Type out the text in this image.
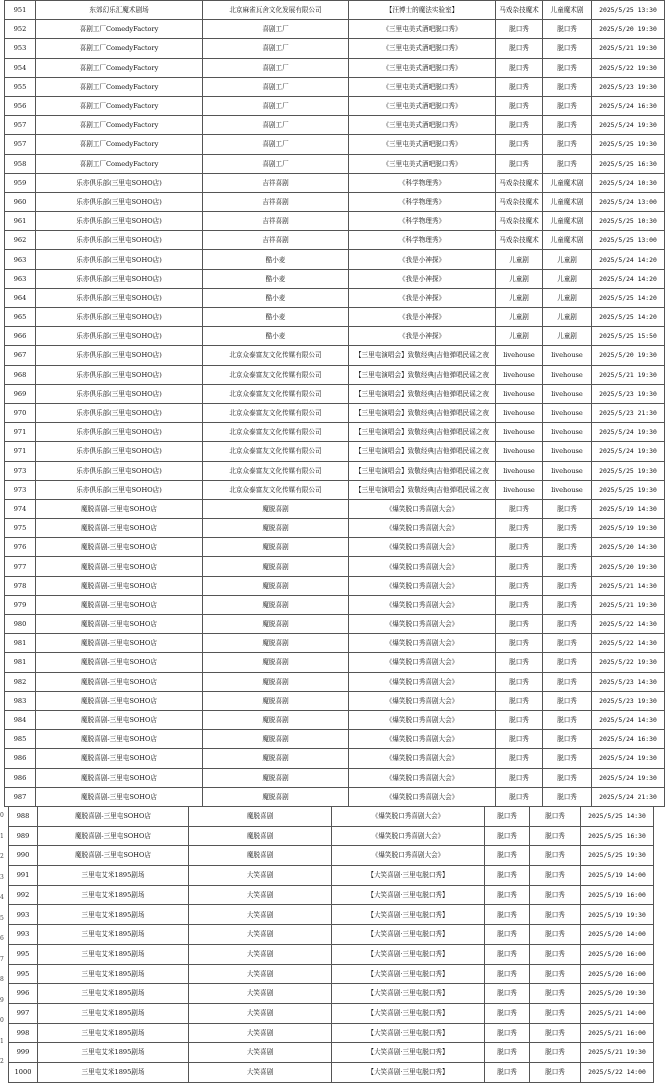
951	东郊幻乐汇魔术剧场	北京麻雀瓦舍文化发展有限公司	【汪博士的魔法实验室】	马戏杂技魔术	儿童魔术剧	2025/5/25 13:30
952	喜剧工厂ComedyFactory	喜剧工厂	《三里屯美式酒吧脱口秀》	脱口秀	脱口秀	2025/5/20 19:30
953	喜剧工厂ComedyFactory	喜剧工厂	《三里屯美式酒吧脱口秀》	脱口秀	脱口秀	2025/5/21 19:30
954	喜剧工厂ComedyFactory	喜剧工厂	《三里屯美式酒吧脱口秀》	脱口秀	脱口秀	2025/5/22 19:30
955	喜剧工厂ComedyFactory	喜剧工厂	《三里屯美式酒吧脱口秀》	脱口秀	脱口秀	2025/5/23 19:30
956	喜剧工厂ComedyFactory	喜剧工厂	《三里屯美式酒吧脱口秀》	脱口秀	脱口秀	2025/5/24 16:30
957	喜剧工厂ComedyFactory	喜剧工厂	《三里屯美式酒吧脱口秀》	脱口秀	脱口秀	2025/5/24 19:30
957	喜剧工厂ComedyFactory	喜剧工厂	《三里屯美式酒吧脱口秀》	脱口秀	脱口秀	2025/5/25 19:30
958	喜剧工厂ComedyFactory	喜剧工厂	《三里屯美式酒吧脱口秀》	脱口秀	脱口秀	2025/5/25 16:30
959	乐亦俱乐部(三里屯SOHO店)	吉祥喜剧	《科学物理秀》	马戏杂技魔术	儿童魔术剧	2025/5/24 10:30
960	乐亦俱乐部(三里屯SOHO店)	吉祥喜剧	《科学物理秀》	马戏杂技魔术	儿童魔术剧	2025/5/24 13:00
961	乐亦俱乐部(三里屯SOHO店)	吉祥喜剧	《科学物理秀》	马戏杂技魔术	儿童魔术剧	2025/5/25 10:30
962	乐亦俱乐部(三里屯SOHO店)	吉祥喜剧	《科学物理秀》	马戏杂技魔术	儿童魔术剧	2025/5/25 13:00
963	乐亦俱乐部(三里屯SOHO店)	酷小麦	《我是小神探》	儿童剧	儿童剧	2025/5/24 14:20
963	乐亦俱乐部(三里屯SOHO店)	酷小麦	《我是小神探》	儿童剧	儿童剧	2025/5/24 14:20
964	乐亦俱乐部(三里屯SOHO店)	酷小麦	《我是小神探》	儿童剧	儿童剧	2025/5/25 14:20
965	乐亦俱乐部(三里屯SOHO店)	酷小麦	《我是小神探》	儿童剧	儿童剧	2025/5/25 14:20
966	乐亦俱乐部(三里屯SOHO店)	酷小麦	《我是小神探》	儿童剧	儿童剧	2025/5/25 15:50
967	乐亦俱乐部(三里屯SOHO店)	北京众泰富友文化传媒有限公司	【三里屯演唱会】致敬经典|吉他弹唱民谣之夜	livehouse	livehouse	2025/5/20 19:30
968	乐亦俱乐部(三里屯SOHO店)	北京众泰富友文化传媒有限公司	【三里屯演唱会】致敬经典|吉他弹唱民谣之夜	livehouse	livehouse	2025/5/21 19:30
969	乐亦俱乐部(三里屯SOHO店)	北京众泰富友文化传媒有限公司	【三里屯演唱会】致敬经典|吉他弹唱民谣之夜	livehouse	livehouse	2025/5/23 19:30
970	乐亦俱乐部(三里屯SOHO店)	北京众泰富友文化传媒有限公司	【三里屯演唱会】致敬经典|吉他弹唱民谣之夜	livehouse	livehouse	2025/5/23 21:30
971	乐亦俱乐部(三里屯SOHO店)	北京众泰富友文化传媒有限公司	【三里屯演唱会】致敬经典|吉他弹唱民谣之夜	livehouse	livehouse	2025/5/24 19:30
971	乐亦俱乐部(三里屯SOHO店)	北京众泰富友文化传媒有限公司	【三里屯演唱会】致敬经典|吉他弹唱民谣之夜	livehouse	livehouse	2025/5/24 19:30
973	乐亦俱乐部(三里屯SOHO店)	北京众泰富友文化传媒有限公司	【三里屯演唱会】致敬经典|吉他弹唱民谣之夜	livehouse	livehouse	2025/5/25 19:30
973	乐亦俱乐部(三里屯SOHO店)	北京众泰富友文化传媒有限公司	【三里屯演唱会】致敬经典|吉他弹唱民谣之夜	livehouse	livehouse	2025/5/25 19:30
974	魔脱喜剧-三里屯SOHO店	魔脱喜剧	《爆笑脱口秀喜剧大会》	脱口秀	脱口秀	2025/5/19 14:30
975	魔脱喜剧-三里屯SOHO店	魔脱喜剧	《爆笑脱口秀喜剧大会》	脱口秀	脱口秀	2025/5/19 19:30
976	魔脱喜剧-三里屯SOHO店	魔脱喜剧	《爆笑脱口秀喜剧大会》	脱口秀	脱口秀	2025/5/20 14:30
977	魔脱喜剧-三里屯SOHO店	魔脱喜剧	《爆笑脱口秀喜剧大会》	脱口秀	脱口秀	2025/5/20 19:30
978	魔脱喜剧-三里屯SOHO店	魔脱喜剧	《爆笑脱口秀喜剧大会》	脱口秀	脱口秀	2025/5/21 14:30
979	魔脱喜剧-三里屯SOHO店	魔脱喜剧	《爆笑脱口秀喜剧大会》	脱口秀	脱口秀	2025/5/21 19:30
980	魔脱喜剧-三里屯SOHO店	魔脱喜剧	《爆笑脱口秀喜剧大会》	脱口秀	脱口秀	2025/5/22 14:30
981	魔脱喜剧-三里屯SOHO店	魔脱喜剧	《爆笑脱口秀喜剧大会》	脱口秀	脱口秀	2025/5/22 14:30
981	魔脱喜剧-三里屯SOHO店	魔脱喜剧	《爆笑脱口秀喜剧大会》	脱口秀	脱口秀	2025/5/22 19:30
982	魔脱喜剧-三里屯SOHO店	魔脱喜剧	《爆笑脱口秀喜剧大会》	脱口秀	脱口秀	2025/5/23 14:30
983	魔脱喜剧-三里屯SOHO店	魔脱喜剧	《爆笑脱口秀喜剧大会》	脱口秀	脱口秀	2025/5/23 19:30
984	魔脱喜剧-三里屯SOHO店	魔脱喜剧	《爆笑脱口秀喜剧大会》	脱口秀	脱口秀	2025/5/24 14:30
985	魔脱喜剧-三里屯SOHO店	魔脱喜剧	《爆笑脱口秀喜剧大会》	脱口秀	脱口秀	2025/5/24 16:30
986	魔脱喜剧-三里屯SOHO店	魔脱喜剧	《爆笑脱口秀喜剧大会》	脱口秀	脱口秀	2025/5/24 19:30
986	魔脱喜剧-三里屯SOHO店	魔脱喜剧	《爆笑脱口秀喜剧大会》	脱口秀	脱口秀	2025/5/24 19:30
987	魔脱喜剧-三里屯SOHO店	魔脱喜剧	《爆笑脱口秀喜剧大会》	脱口秀	脱口秀	2025/5/24 21:30
0
1
2
3
4
5
6
7
8
9
0
1
2
988	魔脱喜剧-三里屯SOHO店	魔脱喜剧	《爆笑脱口秀喜剧大会》	脱口秀	脱口秀	2025/5/25 14:30
989	魔脱喜剧-三里屯SOHO店	魔脱喜剧	《爆笑脱口秀喜剧大会》	脱口秀	脱口秀	2025/5/25 16:30
990	魔脱喜剧-三里屯SOHO店	魔脱喜剧	《爆笑脱口秀喜剧大会》	脱口秀	脱口秀	2025/5/25 19:30
991	三里屯艾米1895剧场	大笑喜剧	【大笑喜剧·三里屯脱口秀】	脱口秀	脱口秀	2025/5/19 14:00
992	三里屯艾米1895剧场	大笑喜剧	【大笑喜剧·三里屯脱口秀】	脱口秀	脱口秀	2025/5/19 16:00
993	三里屯艾米1895剧场	大笑喜剧	【大笑喜剧·三里屯脱口秀】	脱口秀	脱口秀	2025/5/19 19:30
993	三里屯艾米1895剧场	大笑喜剧	【大笑喜剧·三里屯脱口秀】	脱口秀	脱口秀	2025/5/20 14:00
995	三里屯艾米1895剧场	大笑喜剧	【大笑喜剧·三里屯脱口秀】	脱口秀	脱口秀	2025/5/20 16:00
995	三里屯艾米1895剧场	大笑喜剧	【大笑喜剧·三里屯脱口秀】	脱口秀	脱口秀	2025/5/20 16:00
996	三里屯艾米1895剧场	大笑喜剧	【大笑喜剧·三里屯脱口秀】	脱口秀	脱口秀	2025/5/20 19:30
997	三里屯艾米1895剧场	大笑喜剧	【大笑喜剧·三里屯脱口秀】	脱口秀	脱口秀	2025/5/21 14:00
998	三里屯艾米1895剧场	大笑喜剧	【大笑喜剧·三里屯脱口秀】	脱口秀	脱口秀	2025/5/21 16:00
999	三里屯艾米1895剧场	大笑喜剧	【大笑喜剧·三里屯脱口秀】	脱口秀	脱口秀	2025/5/21 19:30
1000	三里屯艾米1895剧场	大笑喜剧	【大笑喜剧·三里屯脱口秀】	脱口秀	脱口秀	2025/5/22 14:00
